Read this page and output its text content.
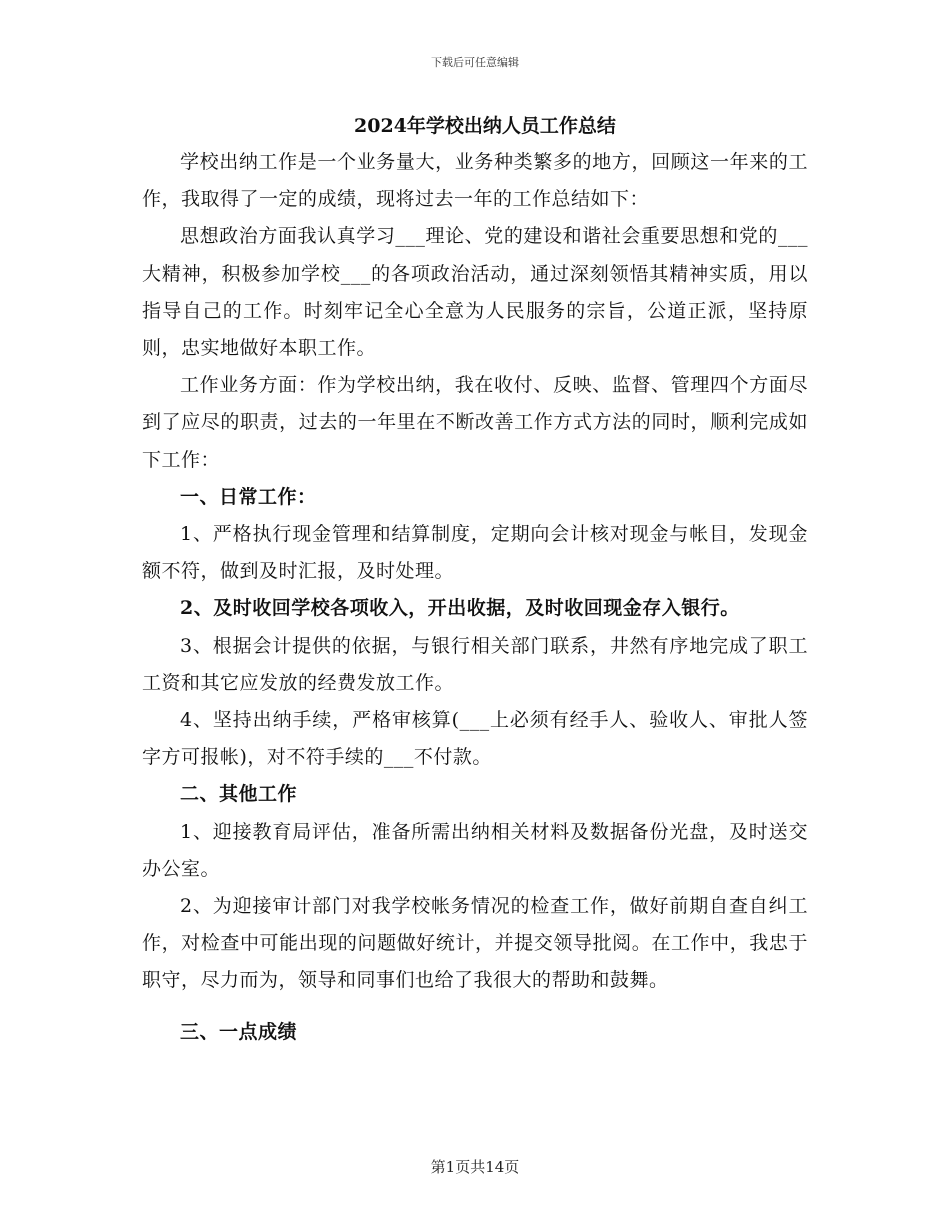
下载后可任意编辑
2024年学校出纳人员工作总结

学校出纳工作是一个业务量大，业务种类繁多的地方，回顾这一年来的工作，我取得了一定的成绩，现将过去一年的工作总结如下：

思想政治方面我认真学习___理论、党的建设和谐社会重要思想和党的___大精神，积极参加学校___的各项政治活动，通过深刻领悟其精神实质，用以指导自己的工作。时刻牢记全心全意为人民服务的宗旨，公道正派，坚持原则，忠实地做好本职工作。

工作业务方面：作为学校出纳，我在收付、反映、监督、管理四个方面尽到了应尽的职责，过去的一年里在不断改善工作方式方法的同时，顺利完成如下工作：

一、日常工作：

1、严格执行现金管理和结算制度，定期向会计核对现金与帐目，发现金额不符，做到及时汇报，及时处理。

2、及时收回学校各项收入，开出收据，及时收回现金存入银行。

3、根据会计提供的依据，与银行相关部门联系，井然有序地完成了职工工资和其它应发放的经费发放工作。

4、坚持出纳手续，严格审核算(___上必须有经手人、验收人、审批人签字方可报帐)，对不符手续的___不付款。

二、其他工作

1、迎接教育局评估，准备所需出纳相关材料及数据备份光盘，及时送交办公室。

2、为迎接审计部门对我学校帐务情况的检查工作，做好前期自查自纠工作，对检查中可能出现的问题做好统计，并提交领导批阅。在工作中，我忠于职守，尽力而为，领导和同事们也给了我很大的帮助和鼓舞。

三、一点成绩

第1页共14页
